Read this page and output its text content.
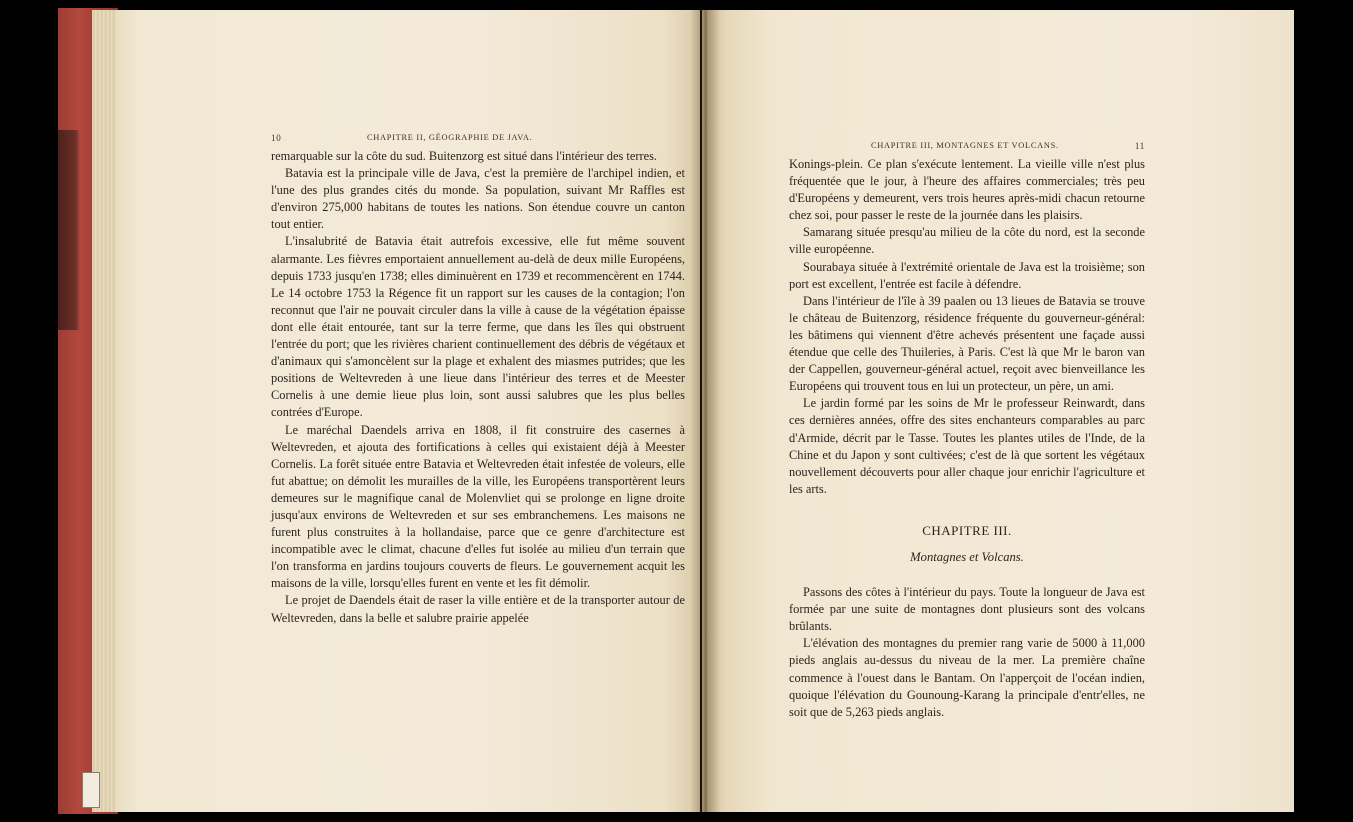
10	CHAPITRE II, GÉOGRAPHIE DE JAVA.

remarquable sur la côte du sud. Buitenzorg est situé dans l'intérieur des terres.

Batavia est la principale ville de Java, c'est la première de l'archipel indien, et l'une des plus grandes cités du monde. Sa population, suivant Mr Raffles est d'environ 275,000 habitans de toutes les nations. Son étendue couvre un canton tout entier.

L'insalubrité de Batavia était autrefois excessive, elle fut même souvent alarmante. Les fièvres emportaient annuellement au-delà de deux mille Européens, depuis 1733 jusqu'en 1738; elles diminuèrent en 1739 et recommencèrent en 1744. Le 14 octobre 1753 la Régence fit un rapport sur les causes de la contagion; l'on reconnut que l'air ne pouvait circuler dans la ville à cause de la végétation épaisse dont elle était entourée, tant sur la terre ferme, que dans les îles qui obstruent l'entrée du port; que les rivières charient continuellement des débris de végétaux et d'animaux qui s'amoncèlent sur la plage et exhalent des miasmes putrides; que les positions de Weltevreden à une lieue dans l'intérieur des terres et de Meester Cornelis à une demie lieue plus loin, sont aussi salubres que les plus belles contrées d'Europe.

Le maréchal Daendels arriva en 1808, il fit construire des casernes à Weltevreden, et ajouta des fortifications à celles qui existaient déjà à Meester Cornelis. La forêt située entre Batavia et Weltevreden était infestée de voleurs, elle fut abattue; on démolit les murailles de la ville, les Européens transportèrent leurs demeures sur le magnifique canal de Molenvliet qui se prolonge en ligne droite jusqu'aux environs de Weltevreden et sur ses embranchemens. Les maisons ne furent plus construites à la hollandaise, parce que ce genre d'architecture est incompatible avec le climat, chacune d'elles fut isolée au milieu d'un terrain que l'on transforma en jardins toujours couverts de fleurs. Le gouvernement acquit les maisons de la ville, lorsqu'elles furent en vente et les fit démolir.

Le projet de Daendels était de raser la ville entière et de la transporter autour de Weltevreden, dans la belle et salubre prairie appelée

CHAPITRE III, MONTAGNES ET VOLCANS.	11

Konings-plein. Ce plan s'exécute lentement. La vieille ville n'est plus fréquentée que le jour, à l'heure des affaires commerciales; très peu d'Européens y demeurent, vers trois heures après-midi chacun retourne chez soi, pour passer le reste de la journée dans les plaisirs.

Samarang située presqu'au milieu de la côte du nord, est la seconde ville européenne.

Sourabaya située à l'extrémité orientale de Java est la troisième; son port est excellent, l'entrée est facile à défendre.

Dans l'intérieur de l'île à 39 paalen ou 13 lieues de Batavia se trouve le château de Buitenzorg, résidence fréquente du gouverneur-général: les bâtimens qui viennent d'être achevés présentent une façade aussi étendue que celle des Thuileries, à Paris. C'est là que Mr le baron van der Cappellen, gouverneur-général actuel, reçoit avec bienveillance les Européens qui trouvent tous en lui un protecteur, un père, un ami.

Le jardin formé par les soins de Mr le professeur Reinwardt, dans ces dernières années, offre des sites enchanteurs comparables au parc d'Armide, décrit par le Tasse. Toutes les plantes utiles de l'Inde, de la Chine et du Japon y sont cultivées; c'est de là que sortent les végétaux nouvellement découverts pour aller chaque jour enrichir l'agriculture et les arts.

CHAPITRE III.
Montagnes et Volcans.

Passons des côtes à l'intérieur du pays. Toute la longueur de Java est formée par une suite de montagnes dont plusieurs sont des volcans brûlants.

L'élévation des montagnes du premier rang varie de 5000 à 11,000 pieds anglais au-dessus du niveau de la mer. La première chaîne commence à l'ouest dans le Bantam. On l'apperçoit de l'océan indien, quoique l'élévation du Gounoung-Karang la principale d'entr'elles, ne soit que de 5,263 pieds anglais.
